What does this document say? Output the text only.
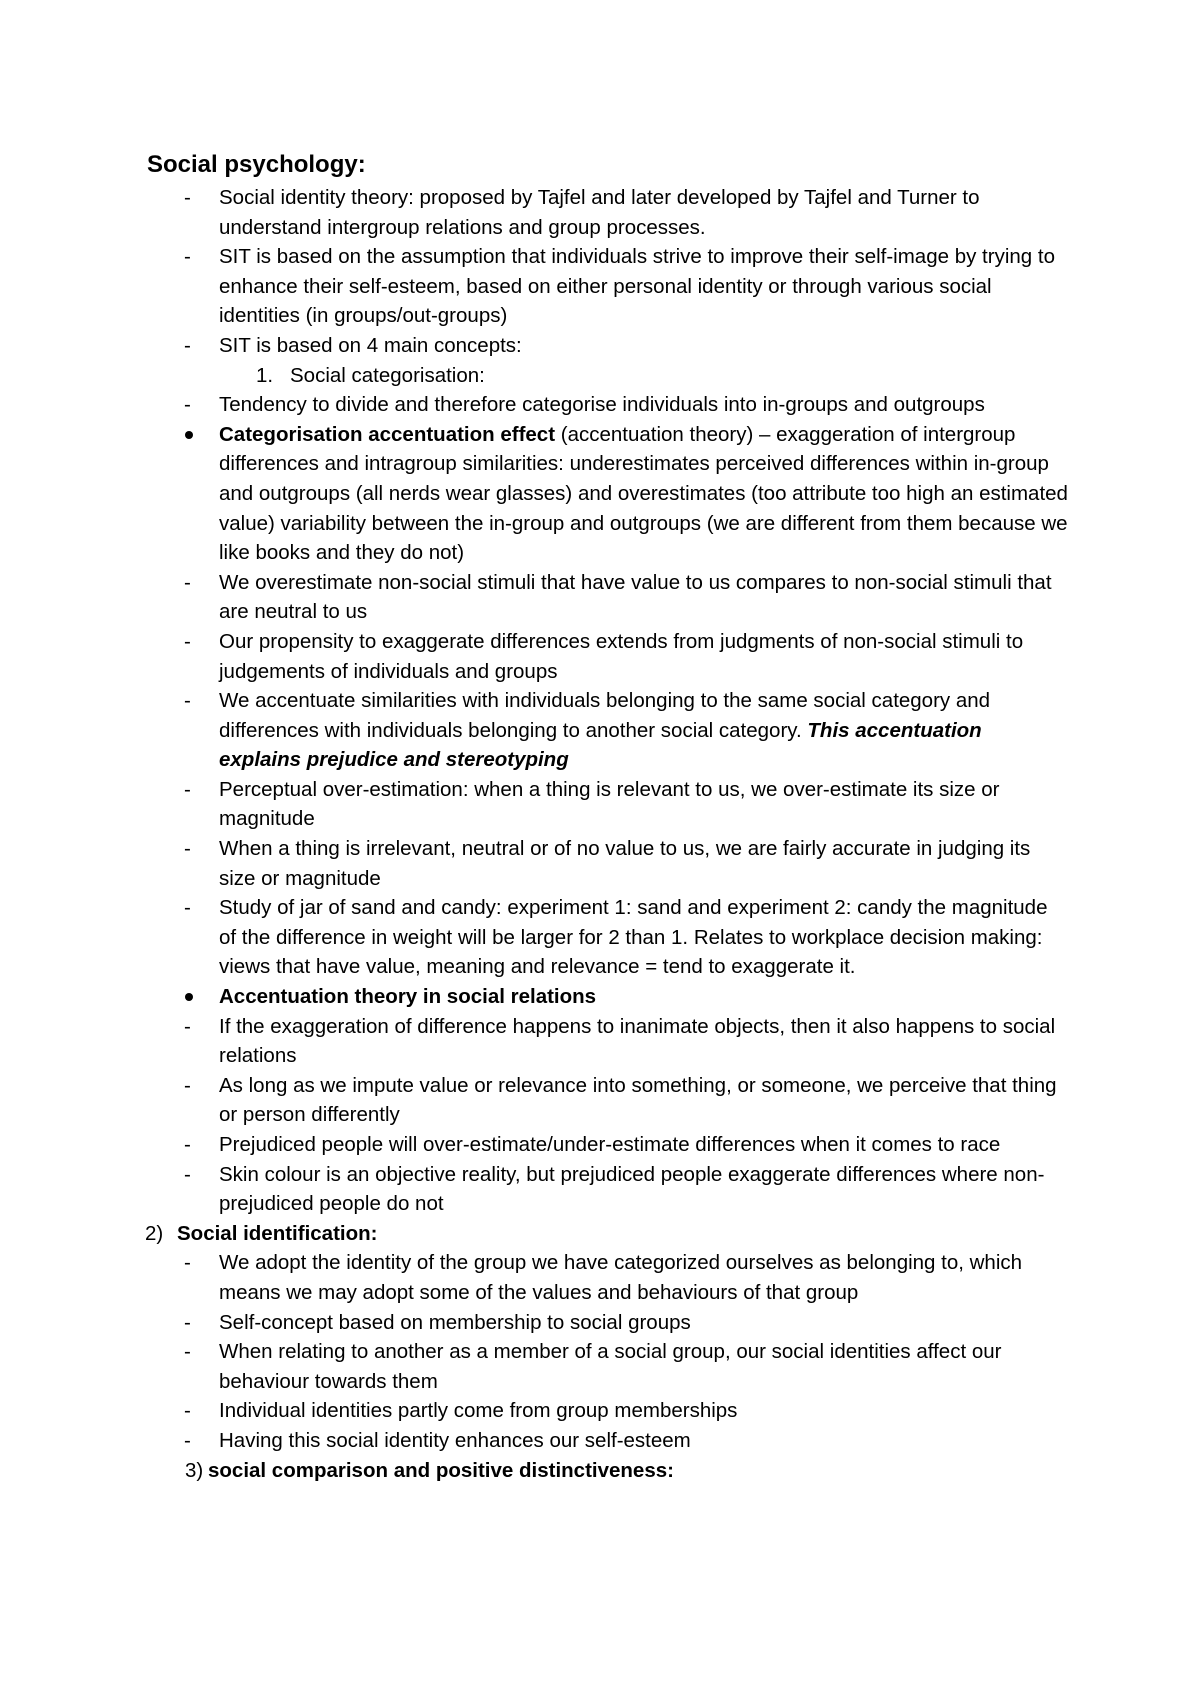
Social psychology:
- Social identity theory: proposed by Tajfel and later developed by Tajfel and Turner to understand intergroup relations and group processes.
- SIT is based on the assumption that individuals strive to improve their self-image by trying to enhance their self-esteem, based on either personal identity or through various social identities (in groups/out-groups)
- SIT is based on 4 main concepts:
1. Social categorisation:
- Tendency to divide and therefore categorise individuals into in-groups and outgroups
Categorisation accentuation effect (accentuation theory) – exaggeration of intergroup differences and intragroup similarities: underestimates perceived differences within in-group and outgroups (all nerds wear glasses) and overestimates (too attribute too high an estimated value) variability between the in-group and outgroups (we are different from them because we like books and they do not)
- We overestimate non-social stimuli that have value to us compares to non-social stimuli that are neutral to us
- Our propensity to exaggerate differences extends from judgments of non-social stimuli to judgements of individuals and groups
- We accentuate similarities with individuals belonging to the same social category and differences with individuals belonging to another social category. This accentuation explains prejudice and stereotyping
- Perceptual over-estimation: when a thing is relevant to us, we over-estimate its size or magnitude
- When a thing is irrelevant, neutral or of no value to us, we are fairly accurate in judging its size or magnitude
- Study of jar of sand and candy: experiment 1: sand and experiment 2: candy the magnitude of the difference in weight will be larger for 2 than 1. Relates to workplace decision making: views that have value, meaning and relevance = tend to exaggerate it.
Accentuation theory in social relations
- If the exaggeration of difference happens to inanimate objects, then it also happens to social relations
- As long as we impute value or relevance into something, or someone, we perceive that thing or person differently
- Prejudiced people will over-estimate/under-estimate differences when it comes to race
- Skin colour is an objective reality, but prejudiced people exaggerate differences where non-prejudiced people do not
2) Social identification:
- We adopt the identity of the group we have categorized ourselves as belonging to, which means we may adopt some of the values and behaviours of that group
- Self-concept based on membership to social groups
- When relating to another as a member of a social group, our social identities affect our behaviour towards them
- Individual identities partly come from group memberships
- Having this social identity enhances our self-esteem
3) social comparison and positive distinctiveness:
